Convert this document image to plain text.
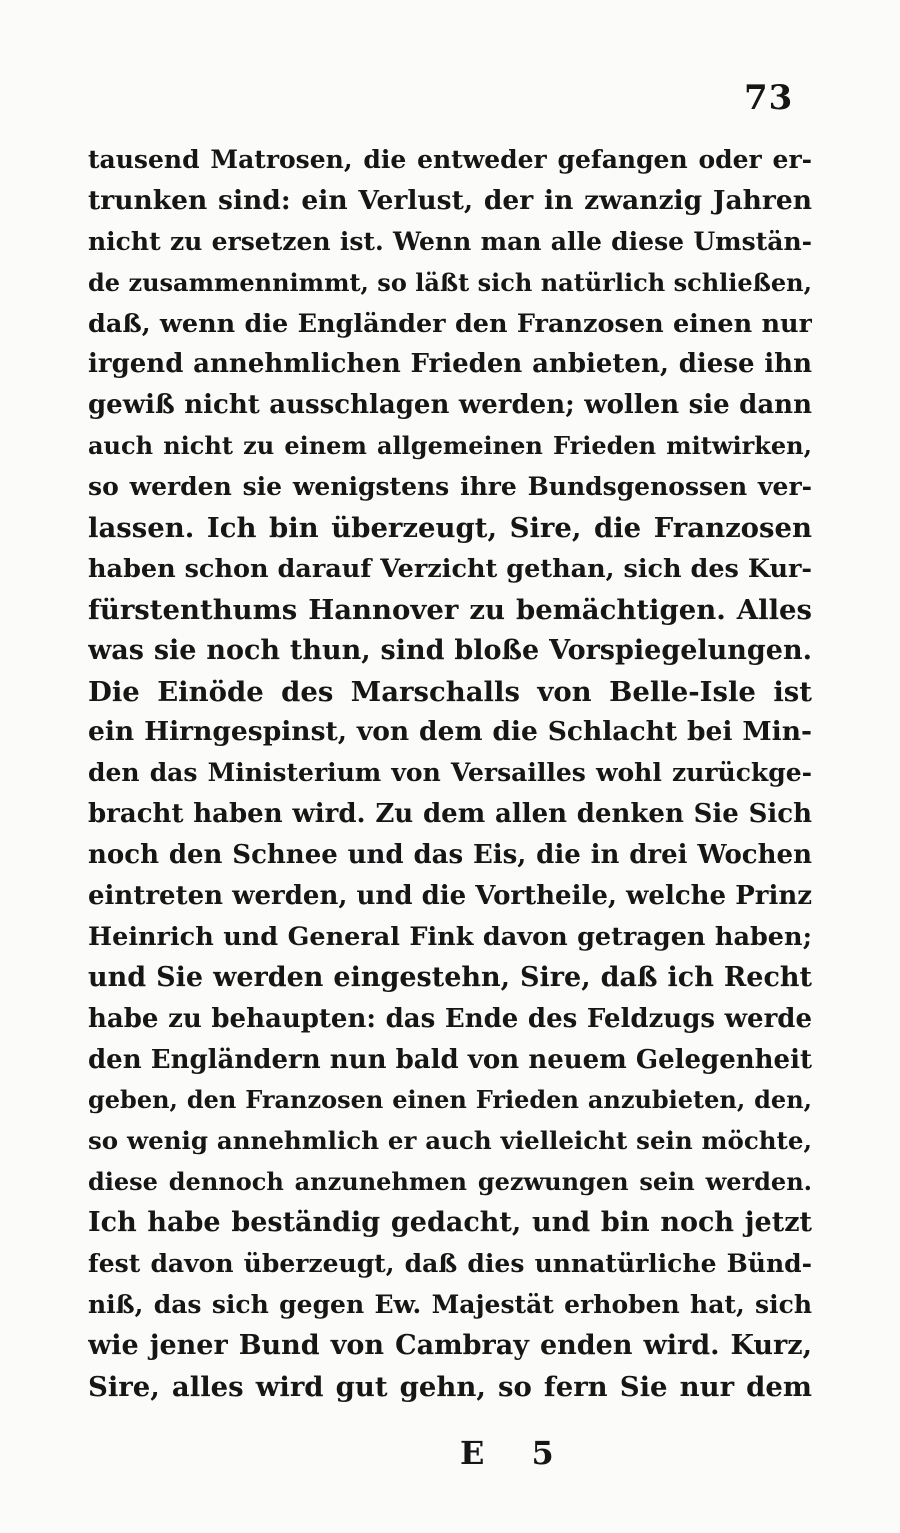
73
tausend Matrosen, die entweder gefangen oder er-
trunken sind: ein Verlust, der in zwanzig Jahren
nicht zu ersetzen ist. Wenn man alle diese Umstän-
de zusammennimmt, so läßt sich natürlich schließen,
daß, wenn die Engländer den Franzosen einen nur
irgend annehmlichen Frieden anbieten, diese ihn
gewiß nicht ausschlagen werden; wollen sie dann
auch nicht zu einem allgemeinen Frieden mitwirken,
so werden sie wenigstens ihre Bundsgenossen ver-
lassen. Ich bin überzeugt, Sire, die Franzosen
haben schon darauf Verzicht gethan, sich des Kur-
fürstenthums Hannover zu bemächtigen. Alles
was sie noch thun, sind bloße Vorspiegelungen.
Die Einöde des Marschalls von Belle-Isle ist
ein Hirngespinst, von dem die Schlacht bei Min-
den das Ministerium von Versailles wohl zurückge-
bracht haben wird. Zu dem allen denken Sie Sich
noch den Schnee und das Eis, die in drei Wochen
eintreten werden, und die Vortheile, welche Prinz
Heinrich und General Fink davon getragen haben;
und Sie werden eingestehn, Sire, daß ich Recht
habe zu behaupten: das Ende des Feldzugs werde
den Engländern nun bald von neuem Gelegenheit
geben, den Franzosen einen Frieden anzubieten, den,
so wenig annehmlich er auch vielleicht sein möchte,
diese dennoch anzunehmen gezwungen sein werden.
Ich habe beständig gedacht, und bin noch jetzt
fest davon überzeugt, daß dies unnatürliche Bünd-
niß, das sich gegen Ew. Majestät erhoben hat, sich
wie jener Bund von Cambray enden wird. Kurz,
Sire, alles wird gut gehn, so fern Sie nur dem
E 5
